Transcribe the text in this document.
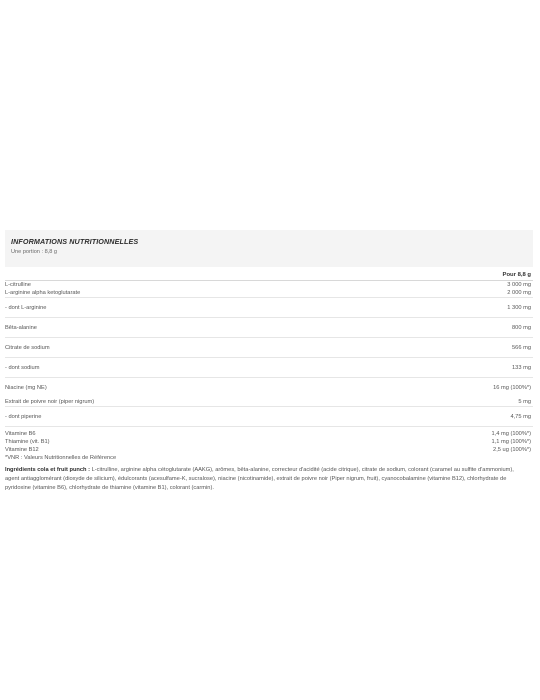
INFORMATIONS NUTRITIONNELLES
Une portion : 8,8 g
Pour 8,8 g
L-citrulline	3 000 mg
L-arginine alpha ketoglutarate	2 000 mg
- dont L-arginine	1 300 mg
Bêta-alanine	800 mg
Citrate de sodium	566 mg
- dont sodium	133 mg
Niacine (mg NE)	16 mg (100%*)
Extrait de poivre noir (piper nigrum)	5 mg
- dont piperine	4,75 mg
Vitamine B6	1,4 mg (100%*)
Thiamine (vit. B1)	1,1 mg (100%*)
Vitamine B12	2,5 ug (100%*)
*VNR : Valeurs Nutritionnelles de Référence
Ingrédients cola et fruit punch : L-citrulline, arginine alpha cétoglutarate (AAKG), arômes, bêta-alanine, correcteur d'acidité (acide citrique), citrate de sodium, colorant (caramel au sulfite d'ammonium), agent antiagglomérant (dioxyde de silicium), édulcorants (acesulfame-K, sucralose), niacine (nicotinamide), extrait de poivre noir (Piper nigrum, fruit), cyanocobalamine (vitamine B12), chlorhydrate de pyridoxine (vitamine B6), chlorhydrate de thiamine (vitamine B1), colorant (carmin).
